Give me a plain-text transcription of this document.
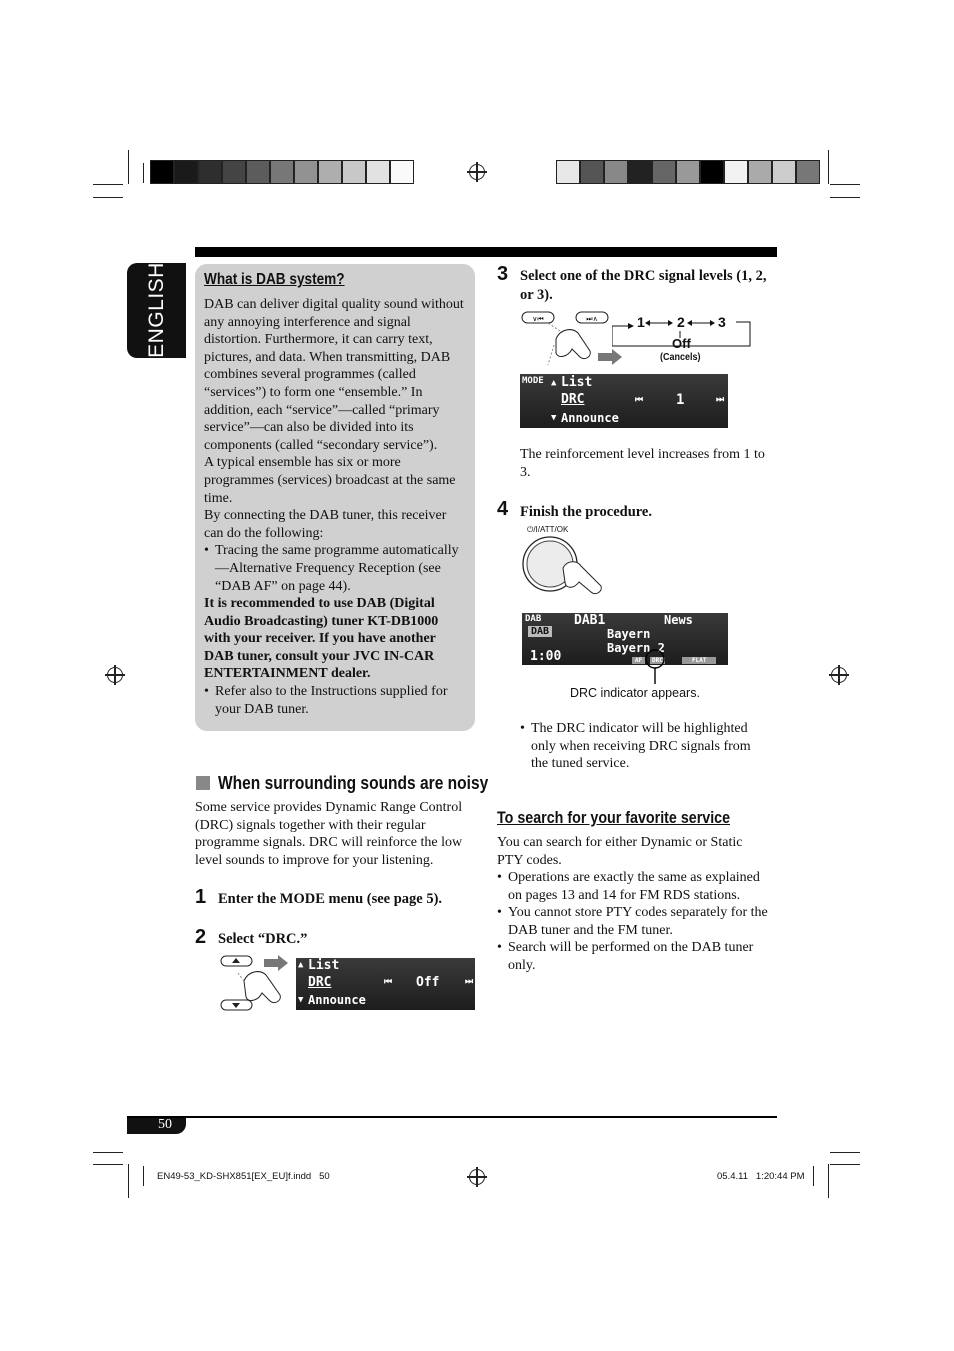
ENGLISH What is DAB system?
DAB can deliver digital quality sound without any annoying interference and signal distortion. Furthermore, it can carry text, pictures, and data. When transmitting, DAB combines several programmes (called “services”) to form one “ensemble.” In addition, each “service”—called “primary service”—can also be divided into its components (called “secondary service”).
A typical ensemble has six or more programmes (services) broadcast at the same time.
By connecting the DAB tuner, this receiver can do the following:
• Tracing the same programme automatically —Alternative Frequency Reception (see “DAB AF” on page 44).
It is recommended to use DAB (Digital Audio Broadcasting) tuner KT-DB1000 with your receiver. If you have another DAB tuner, consult your JVC IN-CAR ENTERTAINMENT dealer.
• Refer also to the Instructions supplied for your DAB tuner.
When surrounding sounds are noisy
Some service provides Dynamic Range Control (DRC) signals together with their regular programme signals. DRC will reinforce the low level sounds to improve for your listening.
1 Enter the MODE menu (see page 5).
2 Select “DRC.”
▲ List
DRC
▼ Announce
⏮ Off	⏭
3 Select one of the DRC signal levels (1, 2, or 3).
∨⏮	⏭∧	1 2 3
Off
(Cancels)
MODE ▲ List
DRC
▼ Announce
⏮ 1	⏭
The reinforcement level increases from 1 to 3.
4 Finish the procedure.
⏻/I/ATT/OK
DAB
DAB
DAB1	News
Bayern
Bayern 2
1:00	AF	DRC	FLAT
DRC indicator appears.
• The DRC indicator will be highlighted only when receiving DRC signals from the tuned service.
To search for your favorite service
You can search for either Dynamic or Static PTY codes.
• Operations are exactly the same as explained on pages 13 and 14 for FM RDS stations.
• You cannot store PTY codes separately for the DAB tuner and the FM tuner.
• Search will be performed on the DAB tuner only.
50
EN49-53_KD-SHX851[EX_EU]f.indd   50	05.4.11   1:20:44 PM
